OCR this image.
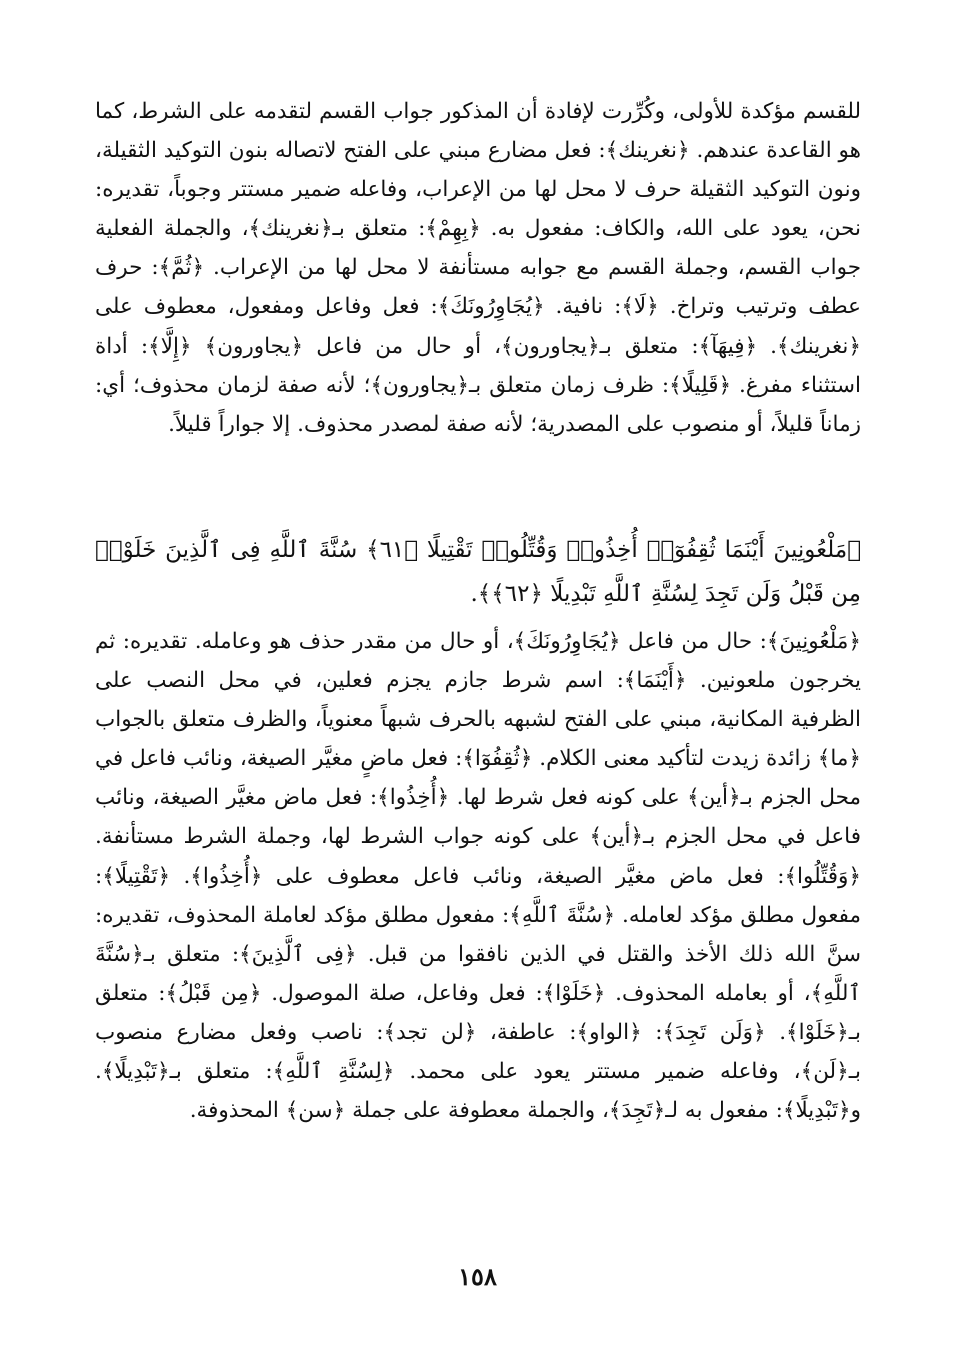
للقسم مؤكدة للأولى، وكُرِّرت لإفادة أن المذكور جواب القسم لتقدمه على الشرط، كما هو القاعدة عندهم. ﴿نغرينك﴾: فعل مضارع مبني على الفتح لاتصاله بنون التوكيد الثقيلة، ونون التوكيد الثقيلة حرف لا محل لها من الإعراب، وفاعله ضمير مستتر وجوباً، تقديره: نحن، يعود على الله، والكاف: مفعول به. ﴿بِهِمْ﴾: متعلق بـ﴿نغرينك﴾، والجملة الفعلية جواب القسم، وجملة القسم مع جوابه مستأنفة لا محل لها من الإعراب. ﴿ثُمَّ﴾: حرف عطف وترتيب وتراخ. ﴿لَا﴾: نافية. ﴿يُجَاوِرُونَكَ﴾: فعل وفاعل ومفعول، معطوف على ﴿نغرينك﴾. ﴿فِيهَآ﴾: متعلق بـ﴿يجاورون﴾، أو حال من فاعل ﴿يجاورون﴾ ﴿إِلَّا﴾: أداة استثناء مفرغ. ﴿قَلِيلًا﴾: ظرف زمان متعلق بـ﴿يجاورون﴾؛ لأنه صفة لزمان محذوف؛ أي: زماناً قليلاً، أو منصوب على المصدرية؛ لأنه صفة لمصدر محذوف. إلا جواراً قليلاً.

﴿مَلْعُونِينَ أَيْنَمَا ثُقِفُوٓا۟ أُخِذُوا۟ وَقُتِّلُوا۟ تَقْتِيلًا ﴿٦١﴾ سُنَّةَ ٱللَّهِ فِى ٱلَّذِينَ خَلَوْا۟ مِن قَبْلُ وَلَن تَجِدَ لِسُنَّةِ ٱللَّهِ تَبْدِيلًا ﴿٦٢﴾﴾.

﴿مَلْعُونِينَ﴾: حال من فاعل ﴿يُجَاوِرُونَكَ﴾، أو حال من مقدر حذف هو وعامله. تقديره: ثم يخرجون ملعونين. ﴿أَيْنَمَا﴾: اسم شرط جازم يجزم فعلين، في محل النصب على الظرفية المكانية، مبني على الفتح لشبهه بالحرف شبهاً معنوياً، والظرف متعلق بالجواب ﴿ما﴾ زائدة زيدت لتأكيد معنى الكلام. ﴿ثُقِفُوٓا﴾: فعل ماضٍ مغيَّر الصيغة، ونائب فاعل في محل الجزم بـ﴿أين﴾ على كونه فعل شرط لها. ﴿أُخِذُوا﴾: فعل ماض مغيَّر الصيغة، ونائب فاعل في محل الجزم بـ﴿أين﴾ على كونه جواب الشرط لها، وجملة الشرط مستأنفة. ﴿وَقُتِّلُوا﴾: فعل ماض مغيَّر الصيغة، ونائب فاعل معطوف على ﴿أُخِذُوا﴾. ﴿تَقْتِيلًا﴾: مفعول مطلق مؤكد لعامله. ﴿سُنَّةَ ٱللَّهِ﴾: مفعول مطلق مؤكد لعاملة المحذوف، تقديره: سنَّ الله ذلك الأخذ والقتل في الذين نافقوا من قبل. ﴿فِى ٱلَّذِينَ﴾: متعلق بـ﴿سُنَّةَ ٱللَّهِ﴾، أو بعامله المحذوف. ﴿خَلَوْا﴾: فعل وفاعل، صلة الموصول. ﴿مِن قَبْلُ﴾: متعلق بـ﴿خَلَوْا﴾. ﴿وَلَن تَجِدَ﴾: ﴿الواو﴾: عاطفة، ﴿لن تجد﴾: ناصب وفعل مضارع منصوب بـ﴿لَن﴾، وفاعله ضمير مستتر يعود على محمد. ﴿لِسُنَّةِ ٱللَّهِ﴾: متعلق بـ﴿تَبْدِيلًا﴾. و﴿تَبْدِيلًا﴾: مفعول به لـ﴿تَجِدَ﴾، والجملة معطوفة على جملة ﴿سن﴾ المحذوفة.

١٥٨
